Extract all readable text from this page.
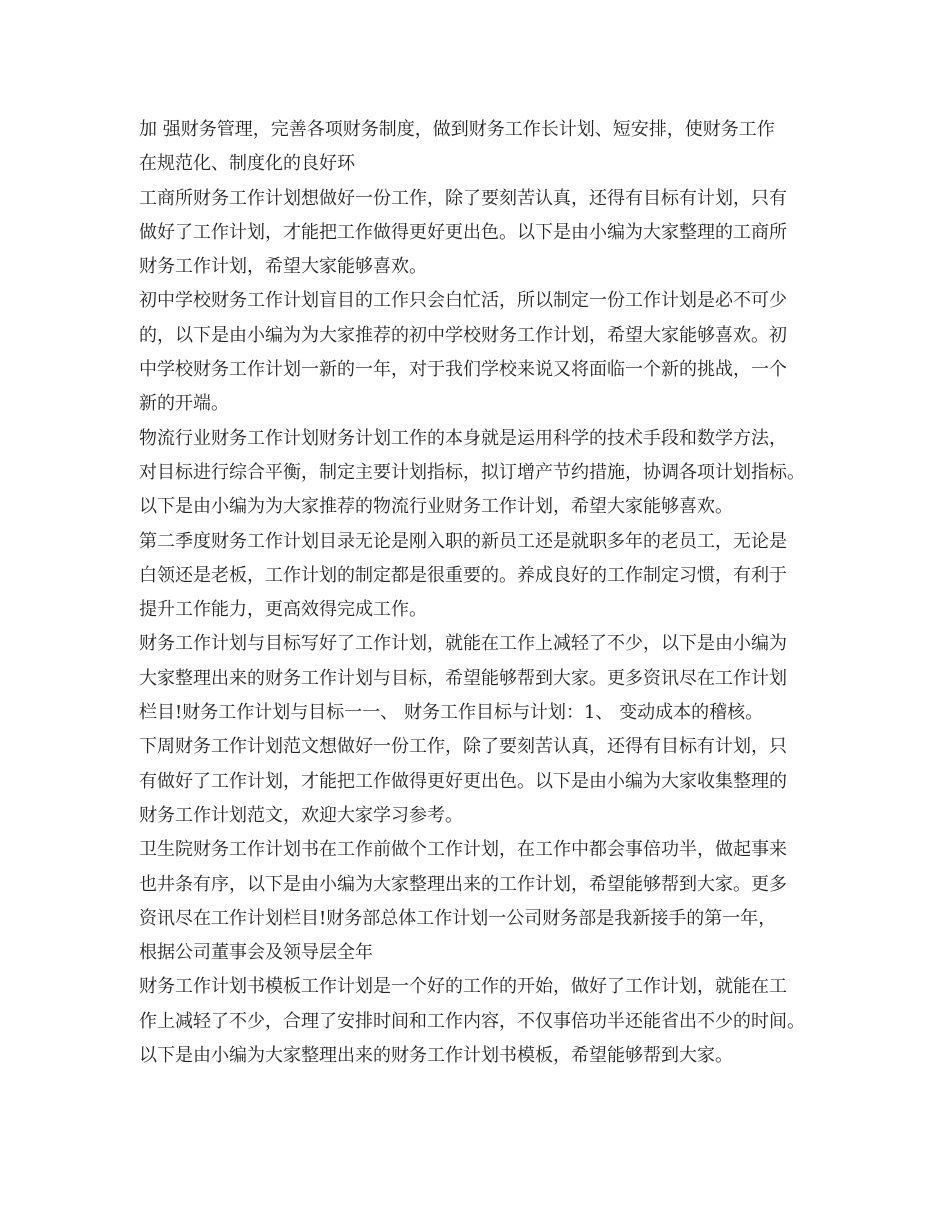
加 强财务管理，完善各项财务制度，做到财务工作长计划、短安排，使财务工作
在规范化、制度化的良好环
工商所财务工作计划想做好一份工作，除了要刻苦认真，还得有目标有计划，只有
做好了工作计划，才能把工作做得更好更出色。以下是由小编为大家整理的工商所
财务工作计划，希望大家能够喜欢。
初中学校财务工作计划盲目的工作只会白忙活，所以制定一份工作计划是必不可少
的，以下是由小编为为大家推荐的初中学校财务工作计划，希望大家能够喜欢。初
中学校财务工作计划一新的一年，对于我们学校来说又将面临一个新的挑战，一个
新的开端。
物流行业财务工作计划财务计划工作的本身就是运用科学的技术手段和数学方法，
对目标进行综合平衡，制定主要计划指标，拟订增产节约措施，协调各项计划指标。
以下是由小编为为大家推荐的物流行业财务工作计划，希望大家能够喜欢。
第二季度财务工作计划目录无论是刚入职的新员工还是就职多年的老员工，无论是
白领还是老板，工作计划的制定都是很重要的。养成良好的工作制定习惯，有利于
提升工作能力，更高效得完成工作。
财务工作计划与目标写好了工作计划，就能在工作上减轻了不少，以下是由小编为
大家整理出来的财务工作计划与目标，希望能够帮到大家。更多资讯尽在工作计划
栏目!财务工作计划与目标一一、 财务工作目标与计划：1、 变动成本的稽核。
下周财务工作计划范文想做好一份工作，除了要刻苦认真，还得有目标有计划，只
有做好了工作计划，才能把工作做得更好更出色。以下是由小编为大家收集整理的
财务工作计划范文，欢迎大家学习参考。
卫生院财务工作计划书在工作前做个工作计划，在工作中都会事倍功半，做起事来
也井条有序，以下是由小编为大家整理出来的工作计划，希望能够帮到大家。更多
资讯尽在工作计划栏目!财务部总体工作计划一公司财务部是我新接手的第一年，
根据公司董事会及领导层全年
财务工作计划书模板工作计划是一个好的工作的开始，做好了工作计划，就能在工
作上减轻了不少，合理了安排时间和工作内容，不仅事倍功半还能省出不少的时间。
以下是由小编为大家整理出来的财务工作计划书模板，希望能够帮到大家。
